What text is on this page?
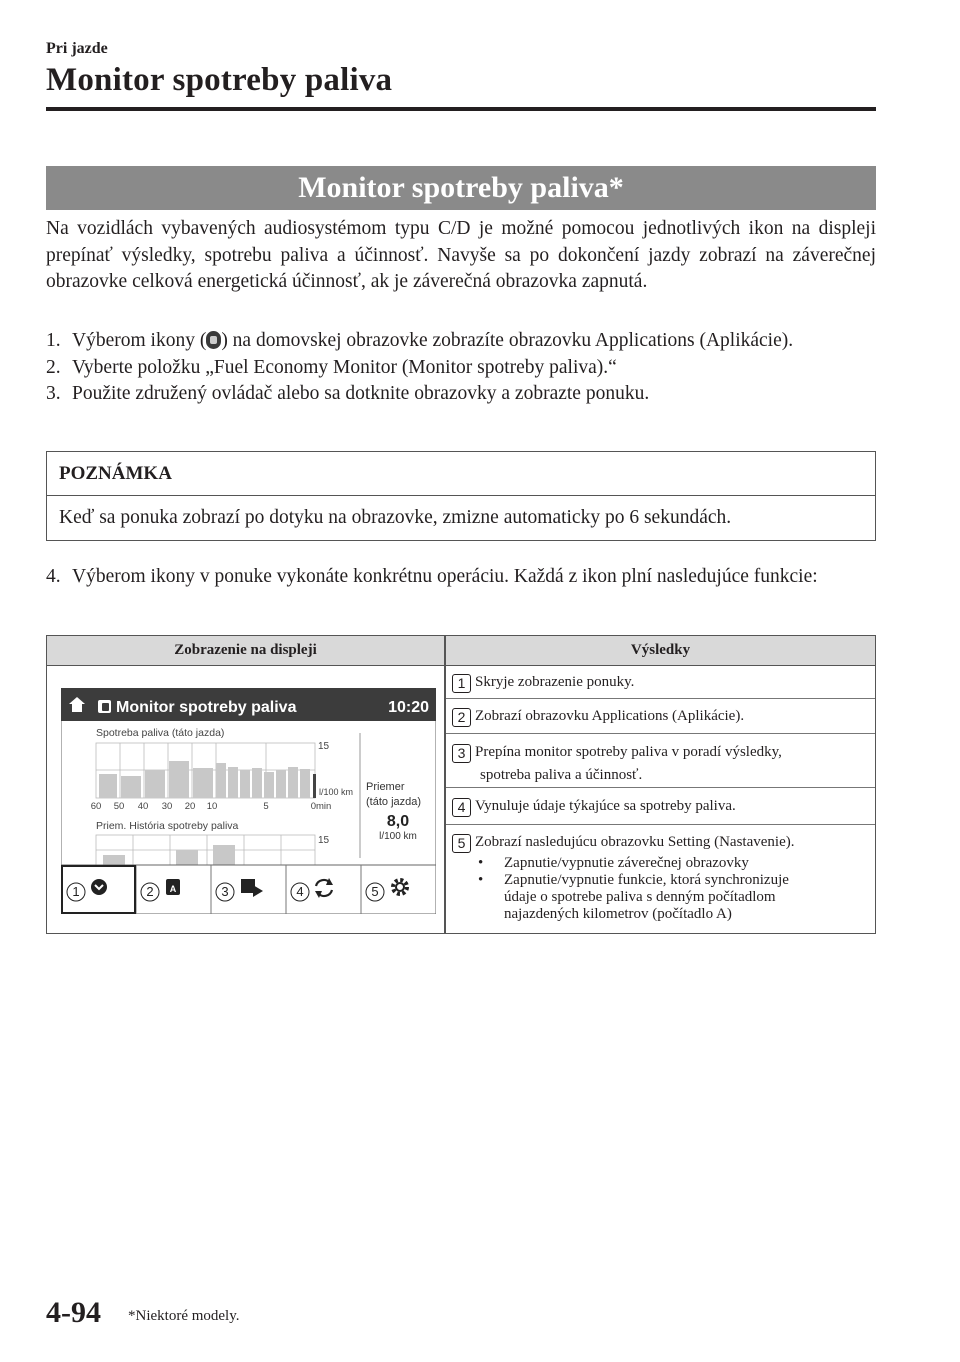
Pri jazde
Monitor spotreby paliva
Monitor spotreby paliva*
Na vozidlách vybavených audiosystémom typu C/D je možné pomocou jednotlivých ikon na displeji prepínať výsledky, spotrebu paliva a účinnosť. Navyše sa po dokončení jazdy zobrazí na záverečnej obrazovke celková energetická účinnosť, ak je záverečná obrazovka zapnutá.
1. Výberom ikony ( ) na domovskej obrazovke zobrazíte obrazovku Applications (Aplikácie).
2. Vyberte položku „Fuel Economy Monitor (Monitor spotreby paliva).“
3. Použite združený ovládač alebo sa dotknite obrazovky a zobrazte ponuku.
POZNÁMKA
Keď sa ponuka zobrazí po dotyku na obrazovke, zmizne automaticky po 6 sekundách.
4. Výberom ikony v ponuke vykonáte konkrétnu operáciu. Každá z ikon plní nasledujúce funkcie:
Zobrazenie na displeji	Výsledky
1 Skryje zobrazenie ponuky.
2 Zobrazí obrazovku Applications (Aplikácie).
3 Prepína monitor spotreby paliva v poradí výsledky,
spotreba paliva a účinnosť.
4 Vynuluje údaje týkajúce sa spotreby paliva.
5 Zobrazí nasledujúcu obrazovku Setting (Nastavenie).
• Zapnutie/vypnutie záverečnej obrazovky
• Zapnutie/vypnutie funkcie, ktorá synchronizuje
údaje o spotrebe paliva s denným počítadlom
najazdených kilometrov (počítadlo A)
Monitor spotreby paliva	10:20
Spotreba paliva (táto jazda)
15
l/100 km
60 50 40 30 20 10	5	0min
Priemer
(táto jazda)
8,0
l/100 km
Priem. História spotreby paliva
15
1	2	3	4	5
A
4-94 *Niektoré modely.
